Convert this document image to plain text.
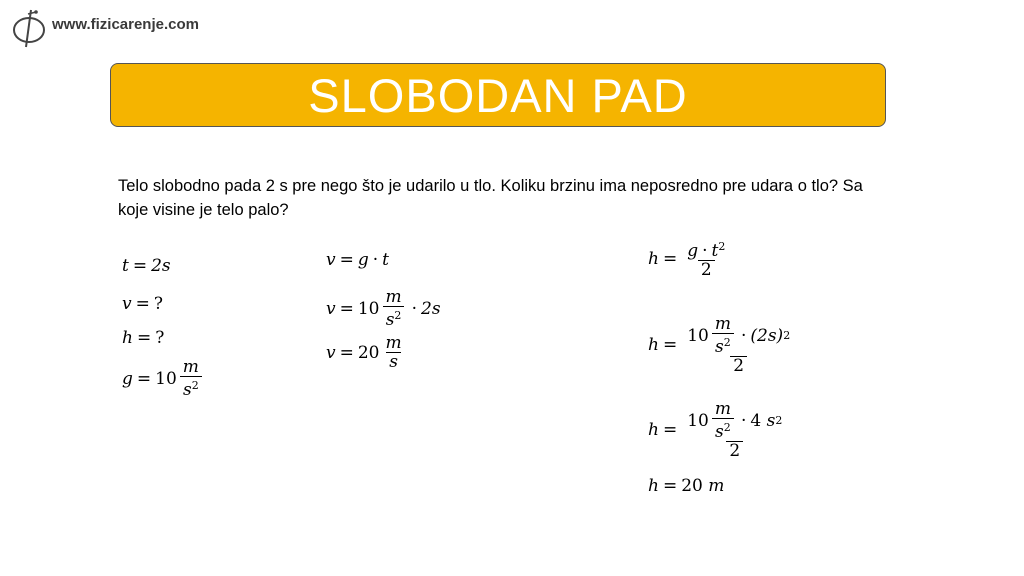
www.fizicarenje.com
SLOBODAN PAD
Telo slobodno pada 2 s pre nego što je udarilo u tlo. Koliku brzinu ima neposredno pre udara o tlo? Sa koje visine je telo palo?
t = 2s
v = ?
h = ?
$g = 10 \frac{m}{s^2}$
v = g · t
$v = 10 \frac{m}{s^2} \cdot 2s$
$v = 20 \frac{m}{s}$
$h = \frac{g \cdot t^2}{2}$
$h = \frac{10 \frac{m}{s^2} \cdot (2s) 2}{2}$
$h = 10 \frac{m}{s^2} \cdot 4$
s 2
2
h = 20
m
